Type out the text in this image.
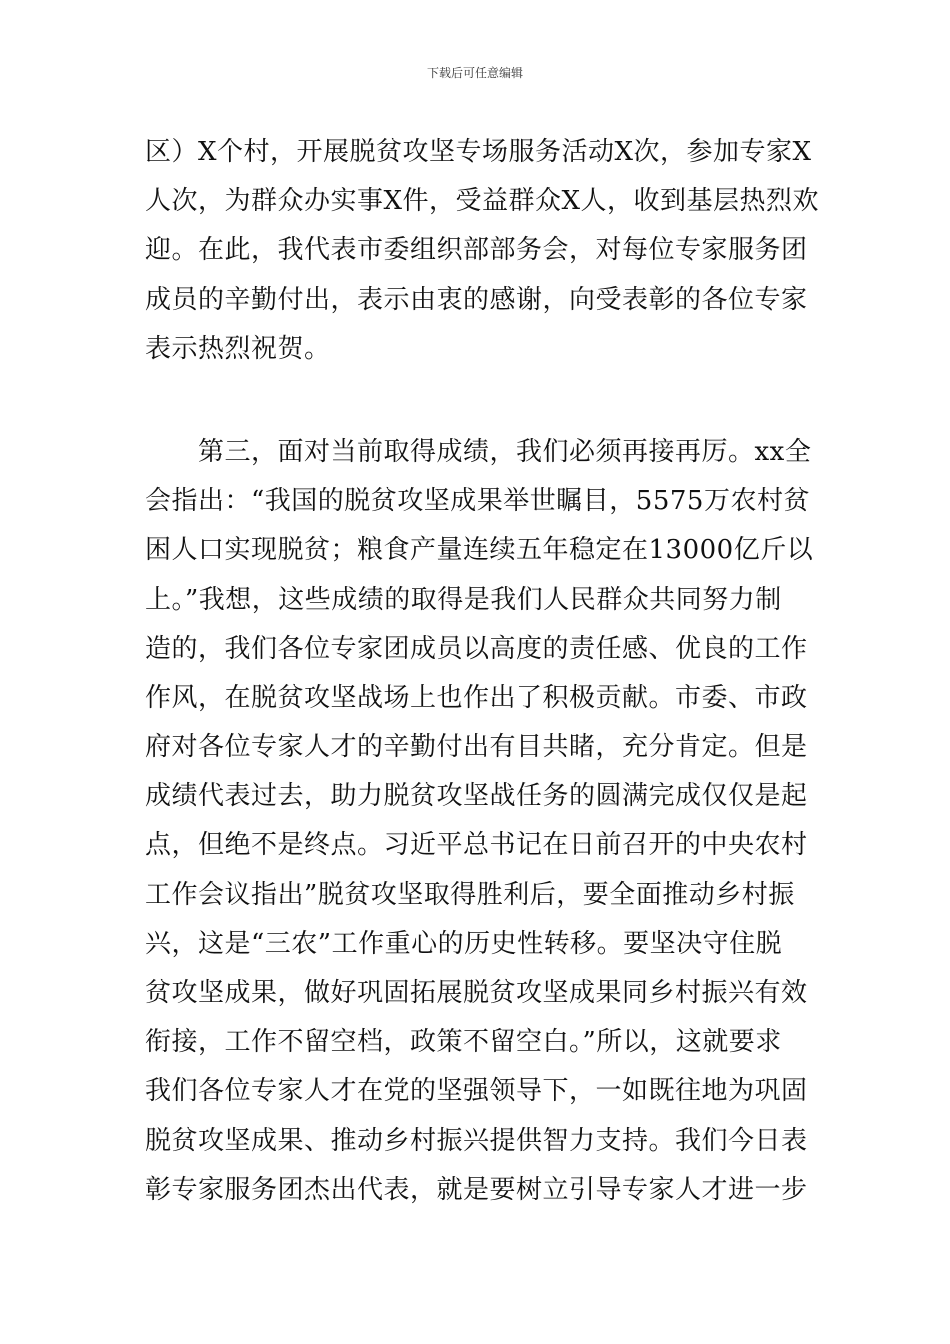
下载后可任意编辑
区）X个村，开展脱贫攻坚专场服务活动X次，参加专家X
人次，为群众办实事X件，受益群众X人，收到基层热烈欢
迎。在此，我代表市委组织部部务会，对每位专家服务团
成员的辛勤付出，表示由衷的感谢，向受表彰的各位专家
表示热烈祝贺。
第三，面对当前取得成绩，我们必须再接再厉。xx全
会指出：“我国的脱贫攻坚成果举世瞩目，5575万农村贫
困人口实现脱贫；粮食产量连续五年稳定在13000亿斤以
上。”我想，这些成绩的取得是我们人民群众共同努力制
造的，我们各位专家团成员以高度的责任感、优良的工作
作风，在脱贫攻坚战场上也作出了积极贡献。市委、市政
府对各位专家人才的辛勤付出有目共睹，充分肯定。但是
成绩代表过去，助力脱贫攻坚战任务的圆满完成仅仅是起
点，但绝不是终点。习近平总书记在日前召开的中央农村
工作会议指出”脱贫攻坚取得胜利后，要全面推动乡村振
兴，这是“三农”工作重心的历史性转移。要坚决守住脱
贫攻坚成果，做好巩固拓展脱贫攻坚成果同乡村振兴有效
衔接，工作不留空档，政策不留空白。”所以，这就要求
我们各位专家人才在党的坚强领导下，一如既往地为巩固
脱贫攻坚成果、推动乡村振兴提供智力支持。我们今日表
彰专家服务团杰出代表，就是要树立引导专家人才进一步
